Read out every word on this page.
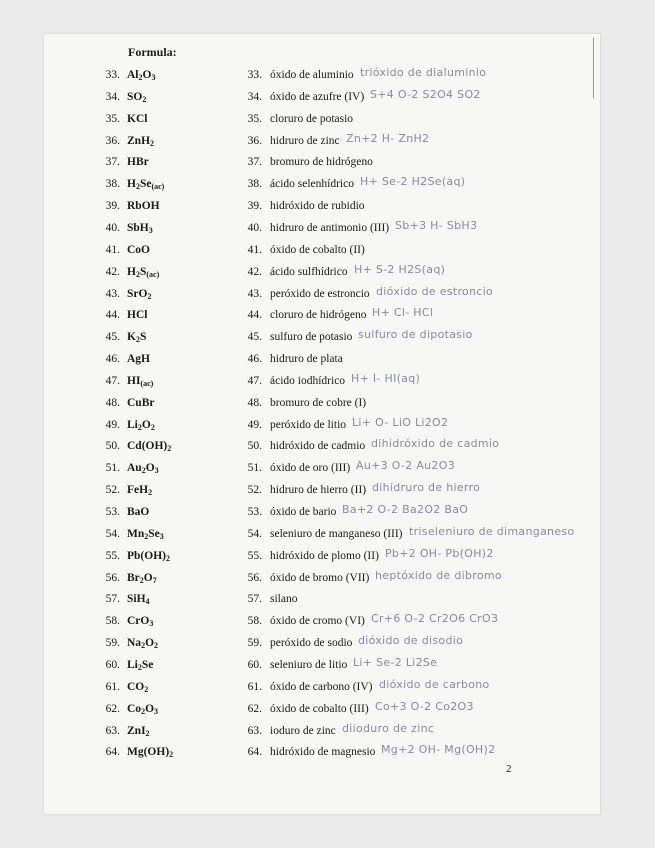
Formula:
33. $Al_2O_3$	33. óxido de aluminio trióxido de dialuminio
34. $SO_2$	34. óxido de azufre (IV) S+4 O-2 S2O4 SO2
35. KCl	35. cloruro de potasio
36. ZnH$_2$	36. hidruro de zinc Zn+2 H- ZnH2
37. HBr	37. bromuro de hidrógeno
38. $H_2Se_{(ac)}$	38. ácido selenhídrico H+ Se-2 H2Se(aq)
39. RbOH	39. hidróxido de rubidio
40. SbH$_3$	40. hidruro de antimonio (III) Sb+3 H- SbH3
41. CoO	41. óxido de cobalto (II)
42. $H_2S_{(ac)}$	42. ácido sulfhídrico H+ S-2 H2S(aq)
43. SrO$_2$	43. peróxido de estroncio dióxido de estroncio
44. HCl	44. cloruro de hidrógeno H+ Cl- HCl
45. $K_2S$	45. sulfuro de potasio sulfuro de dipotasio
46. AgH	46. hidruro de plata
47. $HI_{(ac)}$	47. ácido iodhídrico H+ I- HI(aq)
48. CuBr	48. bromuro de cobre (I)
49. $Li_2O_2$	49. peróxido de litio Li+ O- LiO Li2O2
50. $Cd(OH)_2$	50. hidróxido de cadmio dihidróxido de cadmio
51. $Au_2O_3$	51. óxido de oro (III) Au+3 O-2 Au2O3
52. FeH$_2$	52. hidruro de hierro (II) dihidruro de hierro
53. BaO	53. óxido de bario Ba+2 O-2 Ba2O2 BaO
54. $Mn_2Se_3$	54. seleniuro de manganeso (III) triseleniuro de dimanganeso
55. $Pb(OH)_2$	55. hidróxido de plomo (II) Pb+2 OH- Pb(OH)2
56. $Br_2O_7$	56. óxido de bromo (VII) heptóxido de dibromo
57. SiH$_4$	57. silano
58. CrO$_3$	58. óxido de cromo (VI) Cr+6 O-2 Cr2O6 CrO3
59. $Na_2O_2$	59. peróxido de sodio dióxido de disodio
60. $Li_2Se$	60. seleniuro de litio Li+ Se-2 Li2Se
61. $CO_2$	61. óxido de carbono (IV) dióxido de carbono
62. $Co_2O_3$	62. óxido de cobalto (III) Co+3 O-2 Co2O3
63. ZnI$_2$	63. ioduro de zinc diioduro de zinc
64. $Mg(OH)_2$	64. hidróxido de magnesio Mg+2 OH- Mg(OH)2
2
